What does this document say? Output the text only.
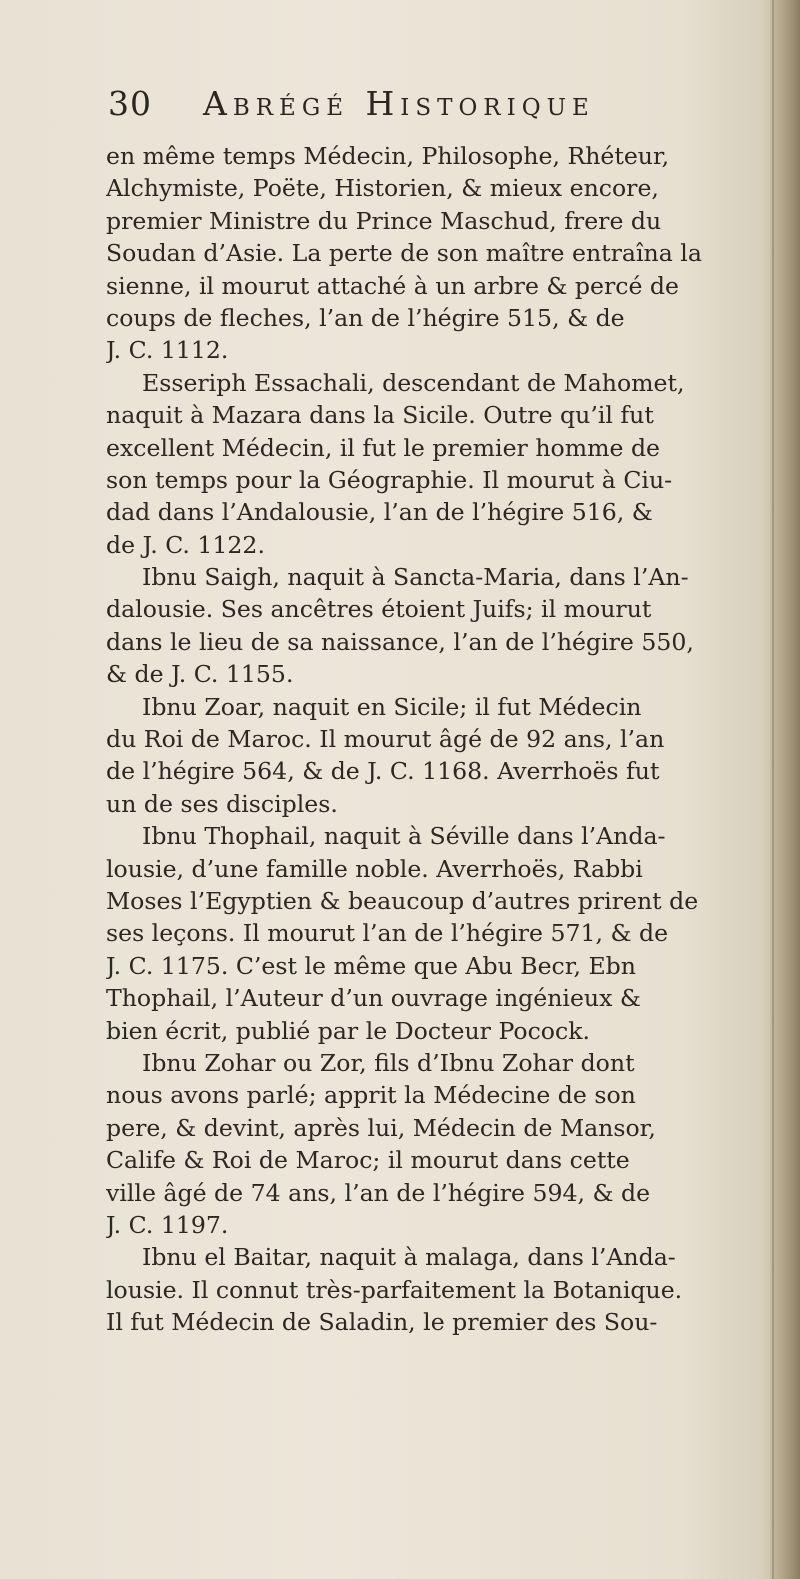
30 Abrégé Historique
en même temps Médecin, Philosophe, Rhéteur,
Alchymiste, Poëte, Historien, & mieux encore,
premier Ministre du Prince Maschud, frere du
Soudan d’Asie. La perte de son maître entraîna la
sienne, il mourut attaché à un arbre & percé de
coups de fleches, l’an de l’hégire 515, & de
J. C. 1112.
Esseriph Essachali, descendant de Mahomet,
naquit à Mazara dans la Sicile. Outre qu’il fut
excellent Médecin, il fut le premier homme de
son temps pour la Géographie. Il mourut à Ciu-
dad dans l’Andalousie, l’an de l’hégire 516, &
de J. C. 1122.
Ibnu Saigh, naquit à Sancta-Maria, dans l’An-
dalousie. Ses ancêtres étoient Juifs; il mourut
dans le lieu de sa naissance, l’an de l’hégire 550,
& de J. C. 1155.
Ibnu Zoar, naquit en Sicile; il fut Médecin
du Roi de Maroc. Il mourut âgé de 92 ans, l’an
de l’hégire 564, & de J. C. 1168. Averrhoës fut
un de ses disciples.
Ibnu Thophail, naquit à Séville dans l’Anda-
lousie, d’une famille noble. Averrhoës, Rabbi
Moses l’Egyptien & beaucoup d’autres prirent de
ses leçons. Il mourut l’an de l’hégire 571, & de
J. C. 1175. C’est le même que Abu Becr, Ebn
Thophail, l’Auteur d’un ouvrage ingénieux &
bien écrit, publié par le Docteur Pocock.
Ibnu Zohar ou Zor, fils d’Ibnu Zohar dont
nous avons parlé; apprit la Médecine de son
pere, & devint, après lui, Médecin de Mansor,
Calife & Roi de Maroc; il mourut dans cette
ville âgé de 74 ans, l’an de l’hégire 594, & de
J. C. 1197.
Ibnu el Baitar, naquit à malaga, dans l’Anda-
lousie. Il connut très-parfaitement la Botanique.
Il fut Médecin de Saladin, le premier des Sou-
